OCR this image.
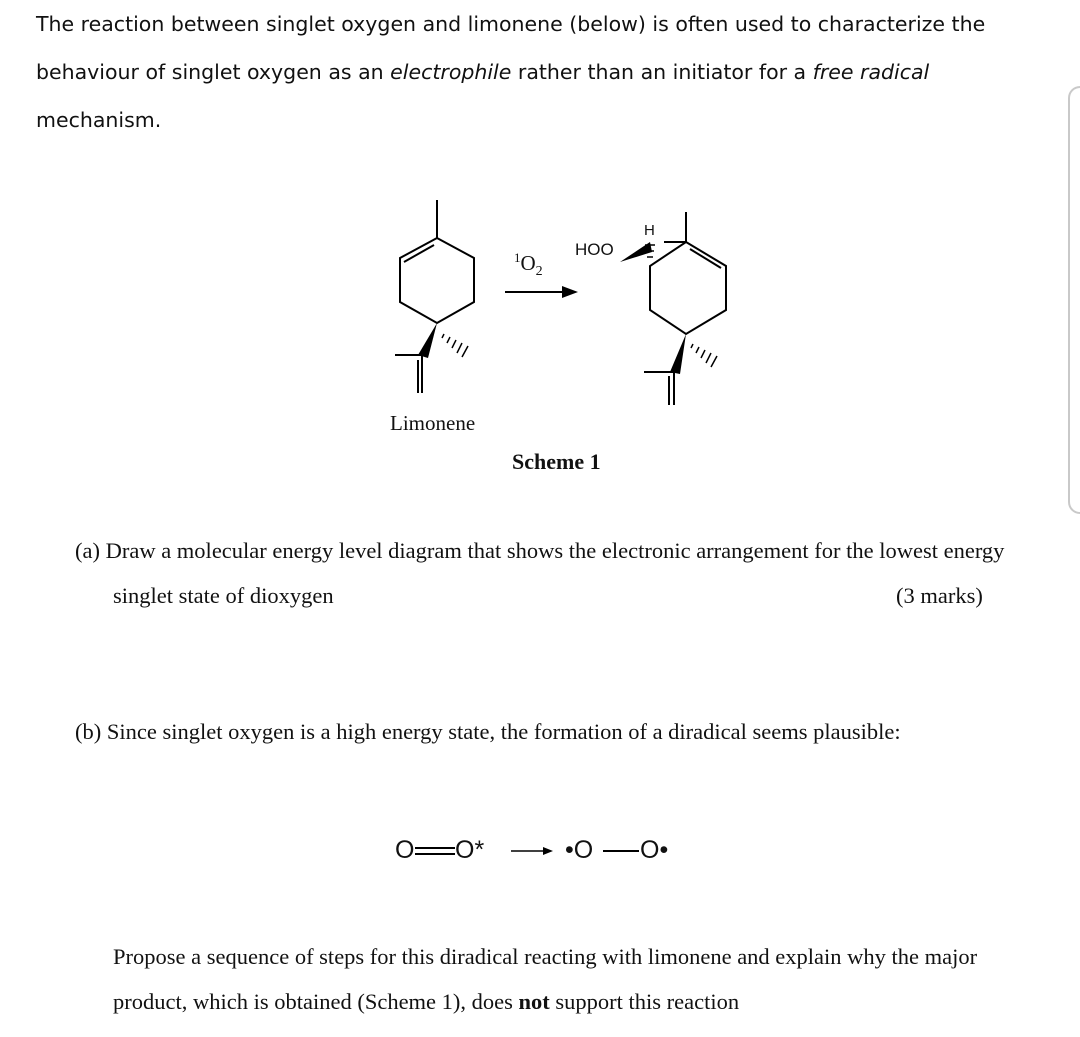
The reaction between singlet oxygen and limonene (below) is often used to characterize the behaviour of singlet oxygen as an electrophile rather than an initiator for a free radical mechanism.

$^1O_2$
HOO
H
Limonene
Scheme 1

(a) Draw a molecular energy level diagram that shows the electronic arrangement for the lowest energy singlet state of dioxygen	(3 marks)

(b) Since singlet oxygen is a high energy state, the formation of a diradical seems plausible:

O O*	•O O•

Propose a sequence of steps for this diradical reacting with limonene and explain why the major product, which is obtained (Scheme 1), does not support this reaction
